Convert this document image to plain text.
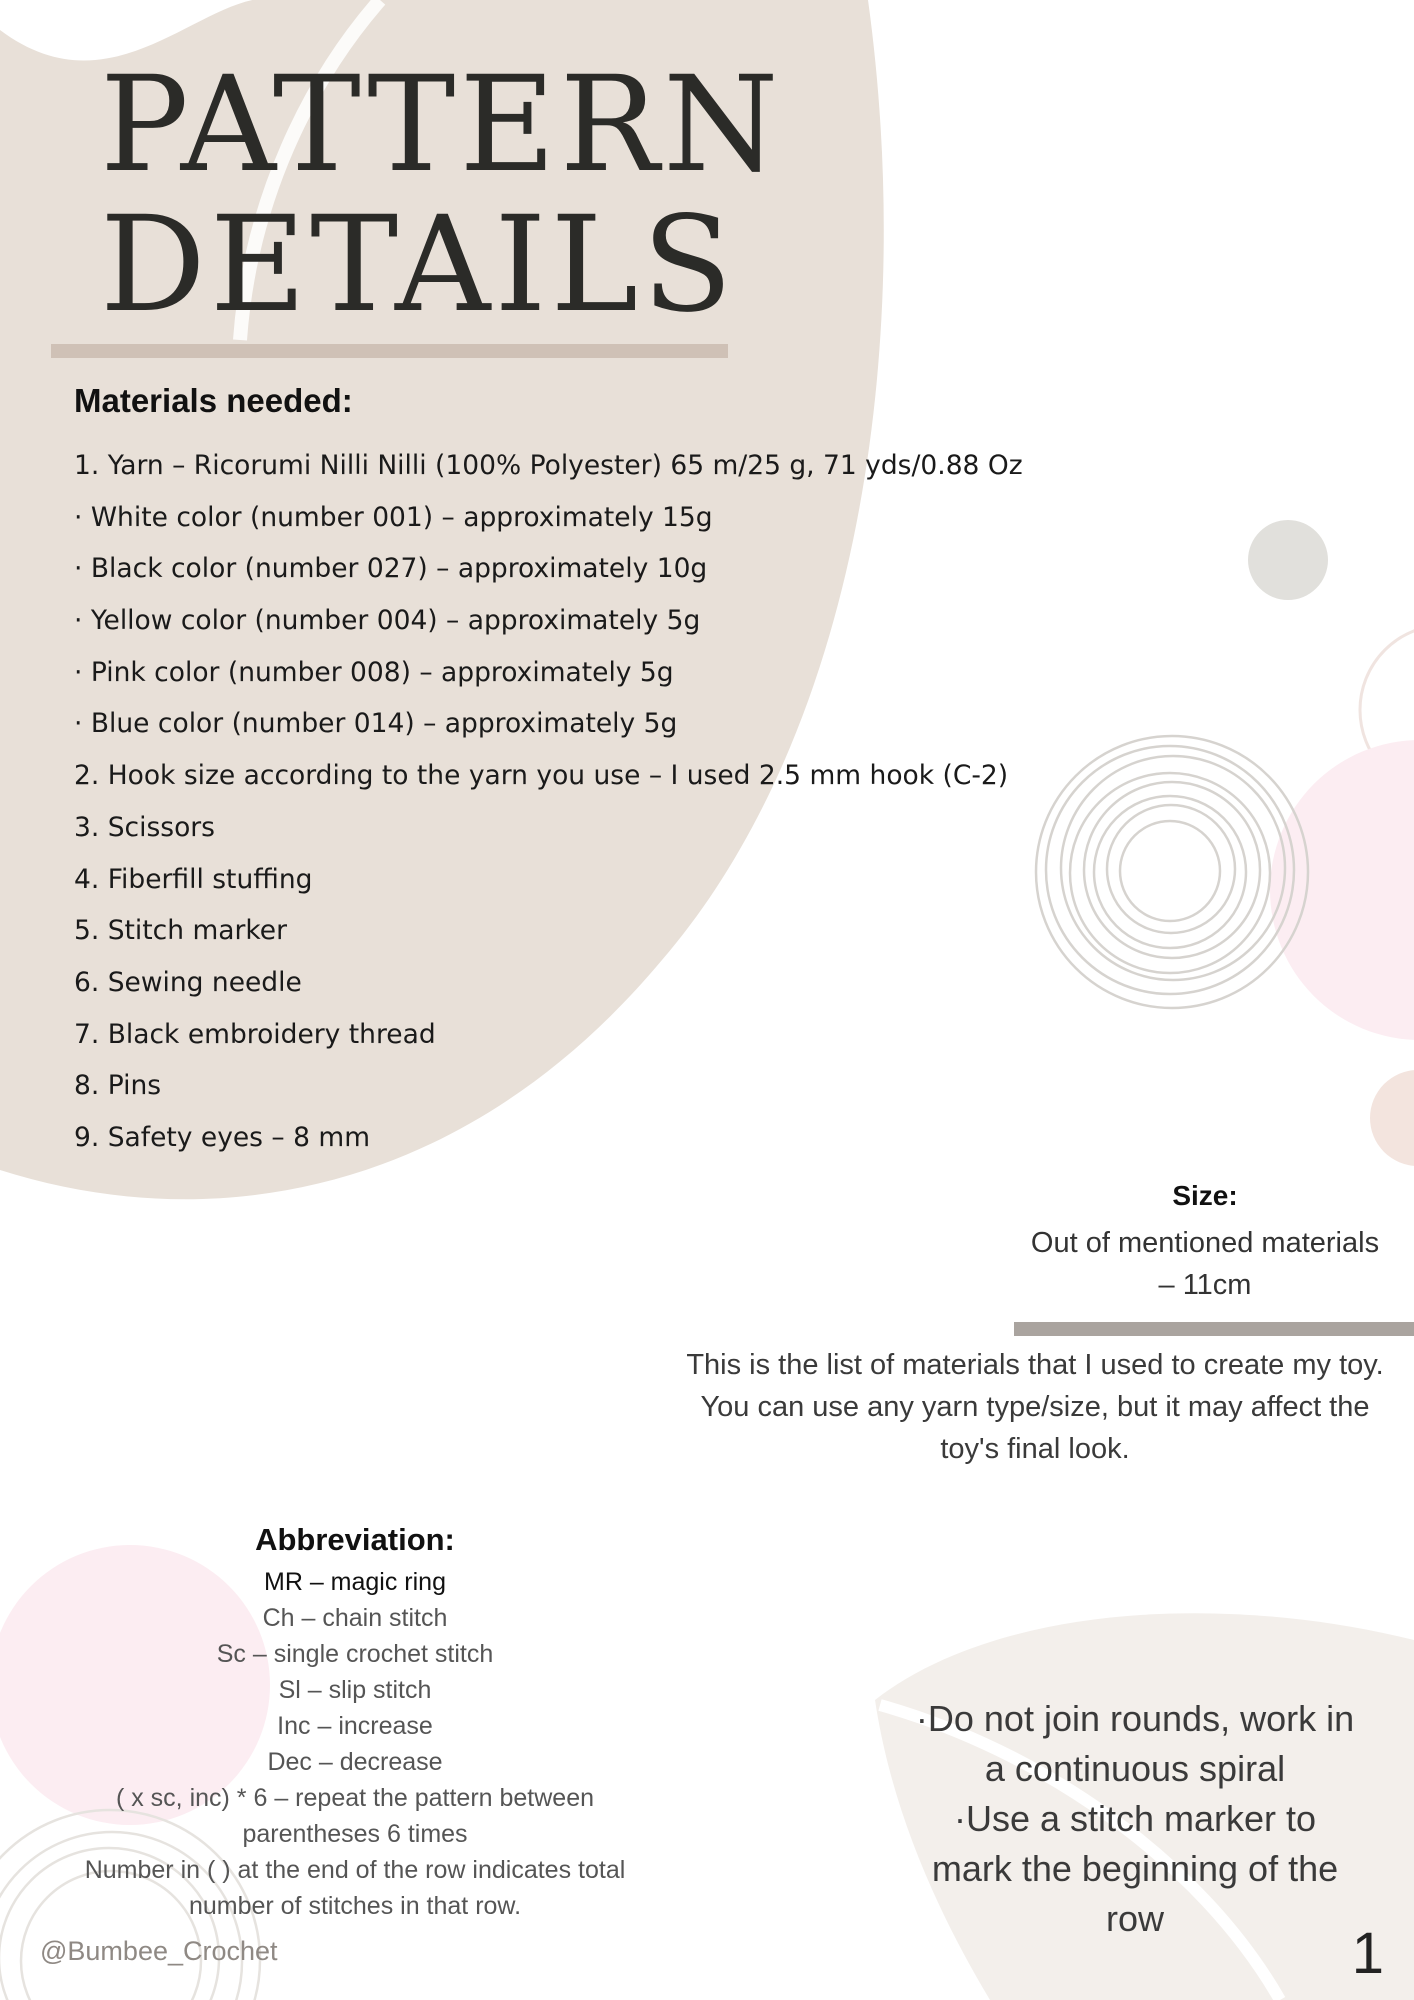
PATTERN
DETAILS
Materials needed:
1. Yarn – Ricorumi Nilli Nilli (100% Polyester) 65 m/25 g, 71 yds/0.88 Oz
· White color (number 001) – approximately 15g
· Black color (number 027) – approximately 10g
· Yellow color (number 004) – approximately 5g
· Pink color (number 008) – approximately 5g
· Blue color (number 014) – approximately 5g
2. Hook size according to the yarn you use – I used 2.5 mm hook (C-2)
3. Scissors
4. Fiberfill stuffing
5. Stitch marker
6. Sewing needle
7. Black embroidery thread
8. Pins
9. Safety eyes – 8 mm
Size:
Out of mentioned materials
– 11cm
This is the list of materials that I used to create my toy.
You can use any yarn type/size, but it may affect the
toy's final look.
Abbreviation:
MR – magic ring
Ch – chain stitch
Sc – single crochet stitch
Sl – slip stitch
Inc – increase
Dec – decrease
( x sc, inc) * 6 – repeat the pattern between
parentheses 6 times
Number in ( ) at the end of the row indicates total
number of stitches in that row.
·Do not join rounds, work in
a continuous spiral
·Use a stitch marker to
mark the beginning of the
row
@Bumbee_Crochet	1
